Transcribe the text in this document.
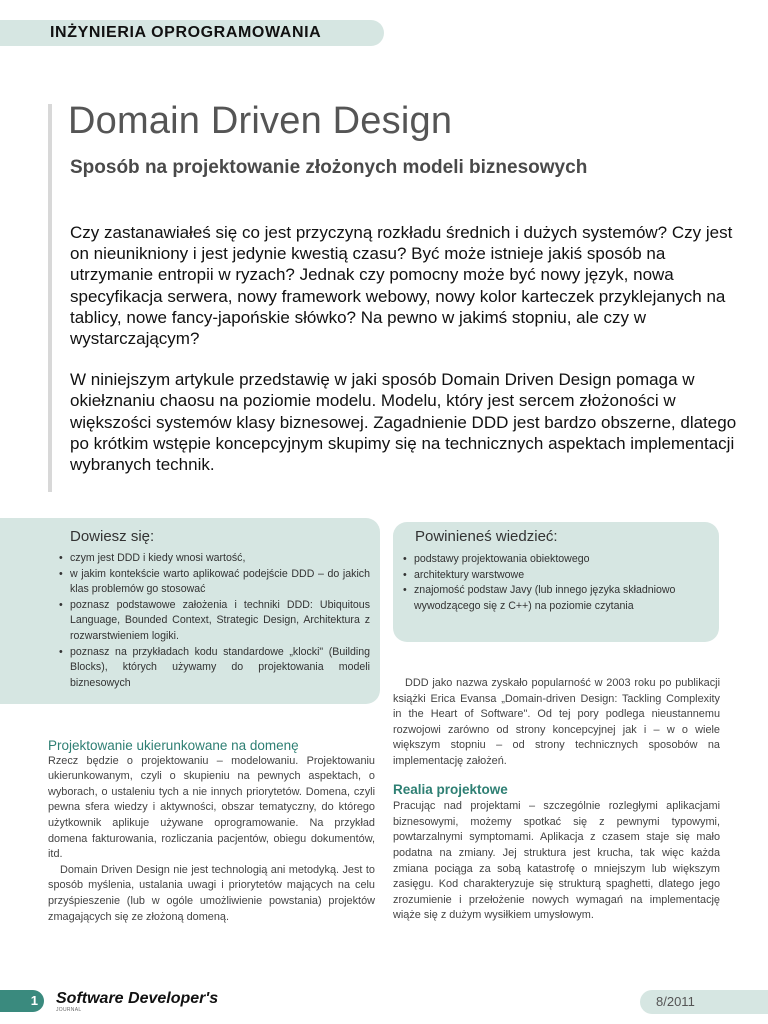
INŻYNIERIA OPROGRAMOWANIA
Domain Driven Design
Sposób na projektowanie złożonych modeli biznesowych

Czy zastanawiałeś się co jest przyczyną rozkładu średnich i dużych systemów? Czy jest on nieunikniony i jest jedynie kwestią czasu? Być może istnieje jakiś sposób na utrzymanie entropii w ryzach? Jednak czy pomocny może być nowy język, nowa specyfikacja serwera, nowy framework webowy, nowy kolor karteczek przyklejanych na tablicy, nowe fancy-japońskie słówko? Na pewno w jakimś stopniu, ale czy w wystarczającym?

W niniejszym artykule przedstawię w jaki sposób Domain Driven Design pomaga w okiełznaniu chaosu na poziomie modelu. Modelu, który jest sercem złożoności w większości systemów klasy biznesowej. Zagadnienie DDD jest bardzo obszerne, dlatego po krótkim wstępie koncepcyjnym skupimy się na technicznych aspektach implementacji wybranych technik.

Dowiesz się:
• czym jest DDD i kiedy wnosi wartość,
• w jakim kontekście warto aplikować podejście DDD – do jakich klas problemów go stosować
• poznasz podstawowe założenia i techniki DDD: Ubiquitous Language, Bounded Context, Strategic Design, Architektura z rozwarstwieniem logiki.
• poznasz na przykładach kodu standardowe „klocki" (Building Blocks), których używamy do projektowania modeli biznesowych
Powinieneś wiedzieć:
• podstawy projektowania obiektowego
• architektury warstwowe
• znajomość podstaw Javy (lub innego języka składniowo wywodzącego się z C++) na poziomie czytania
Projektowanie ukierunkowane na domenę

Rzecz będzie o projektowaniu – modelowaniu. Projektowaniu ukierunkowanym, czyli o skupieniu na pewnych aspektach, o wyborach, o ustaleniu tych a nie innych priorytetów. Domena, czyli pewna sfera wiedzy i aktywności, obszar tematyczny, do którego użytkownik aplikuje używane oprogramowanie. Na przykład domena fakturowania, rozliczania pacjentów, obiegu dokumentów, itd.

Domain Driven Design nie jest technologią ani metodyką. Jest to sposób myślenia, ustalania uwagi i priorytetów mających na celu przyśpieszenie (lub w ogóle umożliwienie powstania) projektów zmagających się ze złożoną domeną.

DDD jako nazwa zyskało popularność w 2003 roku po publikacji książki Erica Evansa „Domain-driven Design: Tackling Complexity in the Heart of Software". Od tej pory podlega nieustannemu rozwojowi zarówno od strony koncepcyjnej jak i – w o wiele większym stopniu – od strony technicznych sposobów na implementację założeń.

Realia projektowe

Pracując nad projektami – szczególnie rozległymi aplikacjami biznesowymi, możemy spotkać się z pewnymi typowymi, powtarzalnymi symptomami. Aplikacja z czasem staje się mało podatna na zmiany. Jej struktura jest krucha, tak więc każda zmiana pociąga za sobą katastrofę o mniejszym lub większym zasięgu. Kod charakteryzuje się strukturą spaghetti, dlatego jego zrozumienie i przełożenie nowych wymagań na implementację wiąże się z dużym wysiłkiem umysłowym.

1 Software Developer's
JOURNAL
8/2011
